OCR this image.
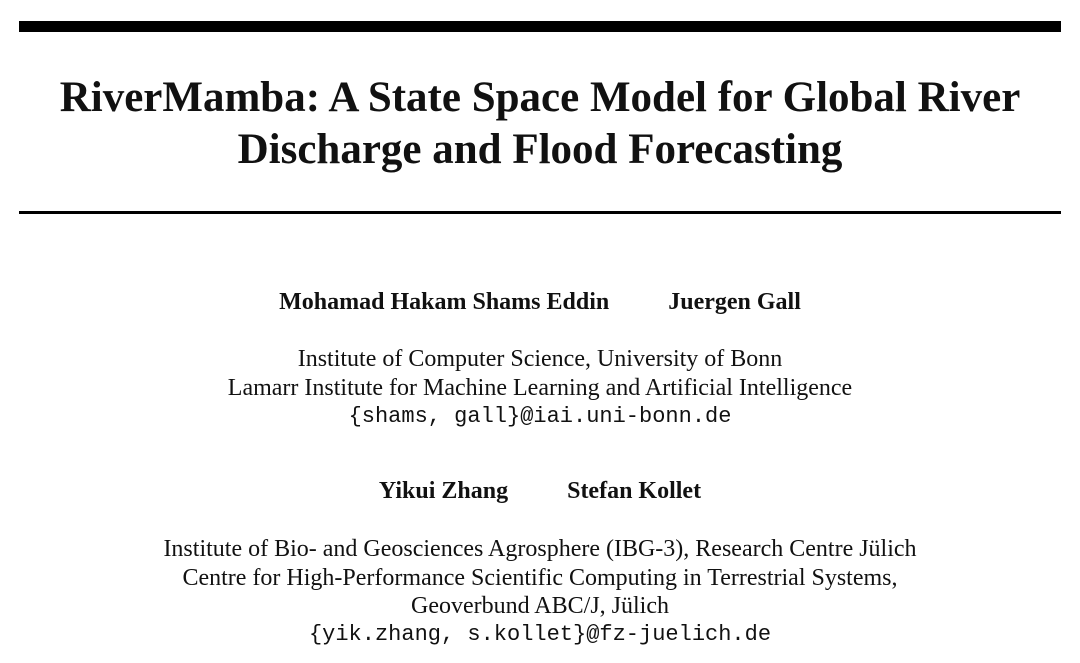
RiverMamba: A State Space Model for Global River
Discharge and Flood Forecasting
Mohamad Hakam Shams Eddin Juergen Gall
Institute of Computer Science, University of Bonn
Lamarr Institute for Machine Learning and Artificial Intelligence
{shams, gall}@iai.uni-bonn.de
Yikui Zhang Stefan Kollet
Institute of Bio- and Geosciences Agrosphere (IBG-3), Research Centre Jülich
Centre for High-Performance Scientific Computing in Terrestrial Systems,
Geoverbund ABC/J, Jülich
{yik.zhang, s.kollet}@fz-juelich.de
